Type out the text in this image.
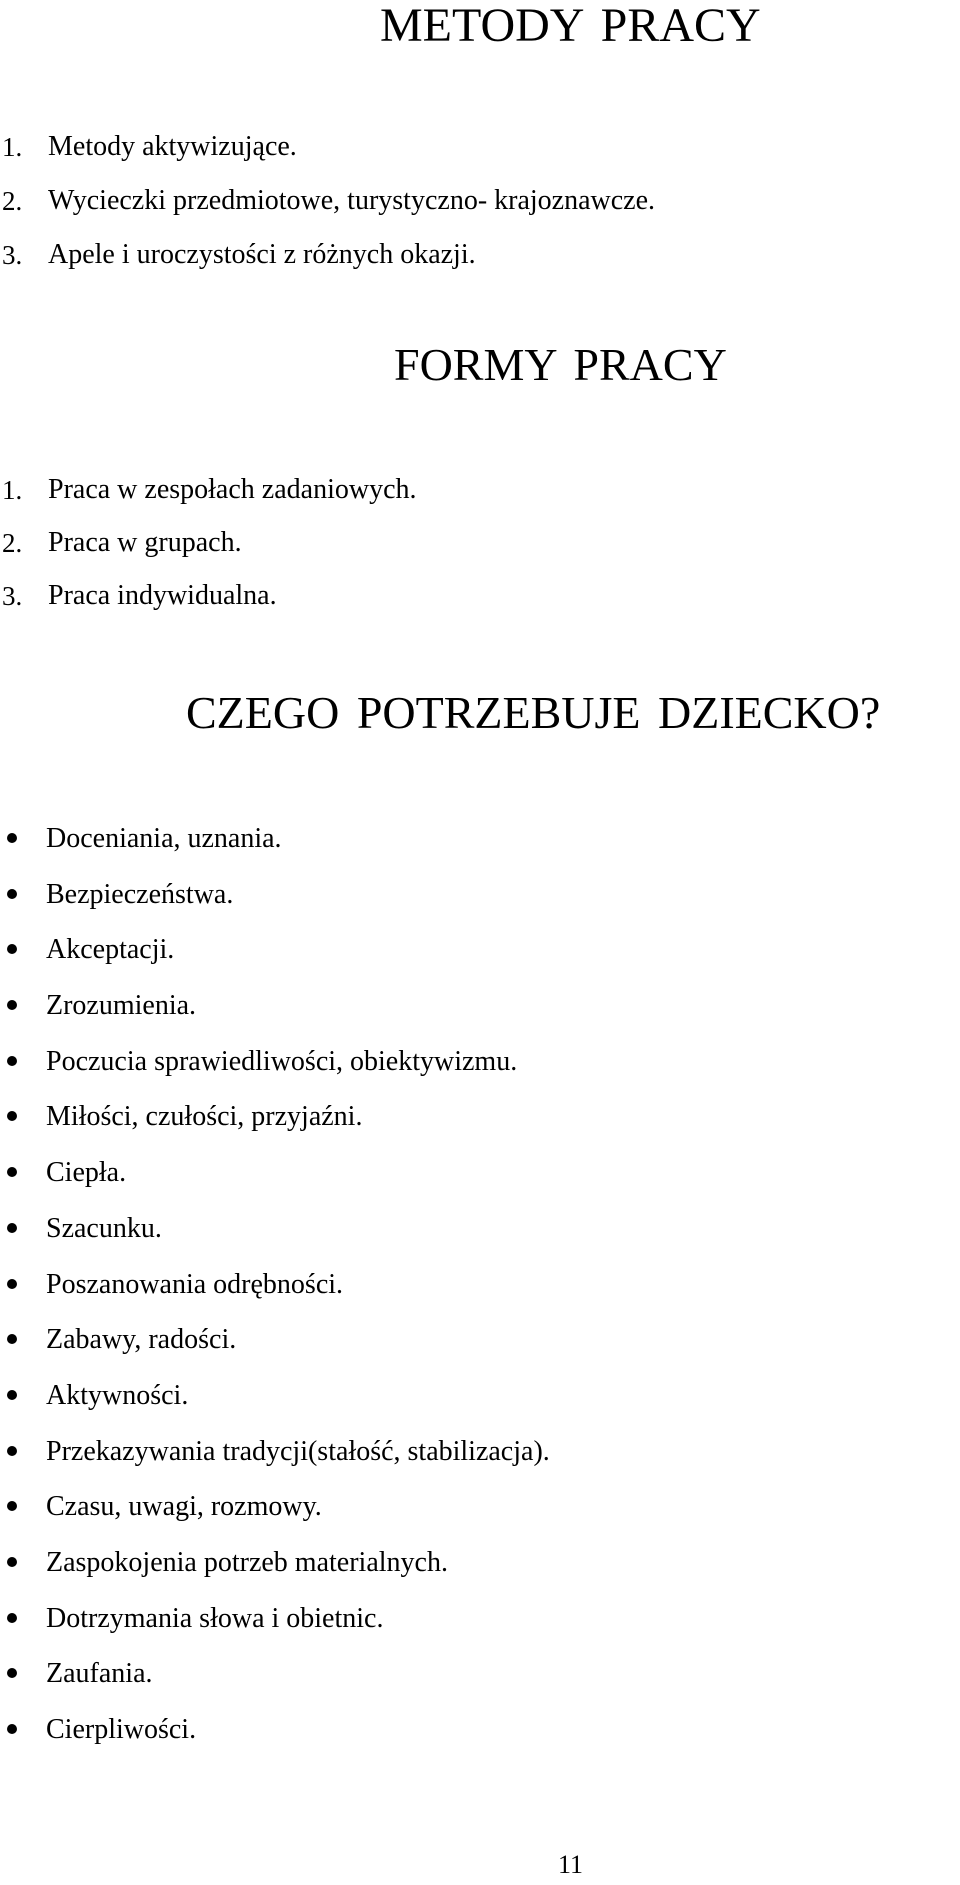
METODY PRACY
1. Metody aktywizujące.
2. Wycieczki przedmiotowe, turystyczno- krajoznawcze.
3. Apele i uroczystości z różnych okazji.
FORMY PRACY
1. Praca w zespołach zadaniowych.
2. Praca w grupach.
3. Praca indywidualna.
CZEGO POTRZEBUJE DZIECKO?
Doceniania, uznania.
Bezpieczeństwa.
Akceptacji.
Zrozumienia.
Poczucia sprawiedliwości, obiektywizmu.
Miłości, czułości, przyjaźni.
Ciepła.
Szacunku.
Poszanowania odrębności.
Zabawy, radości.
Aktywności.
Przekazywania tradycji(stałość, stabilizacja).
Czasu, uwagi, rozmowy.
Zaspokojenia potrzeb materialnych.
Dotrzymania słowa i obietnic.
Zaufania.
Cierpliwości.
11
